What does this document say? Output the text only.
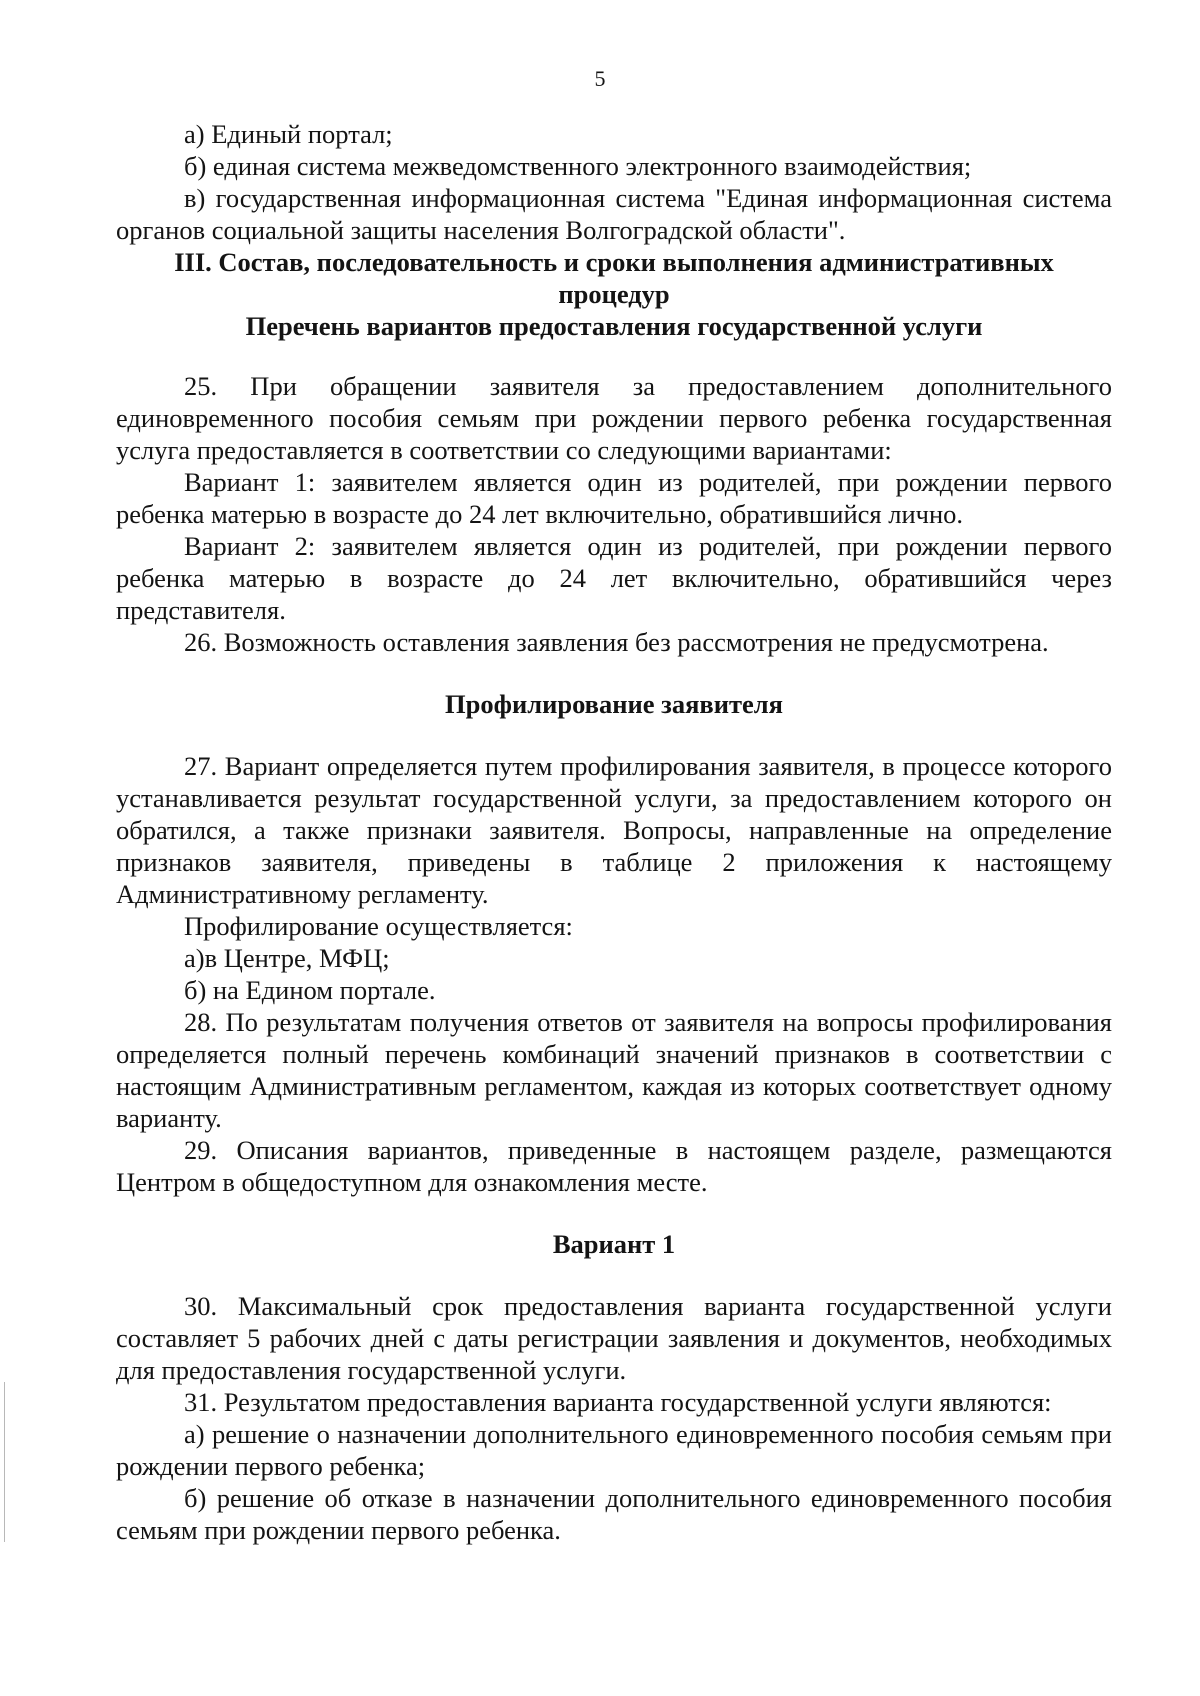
5

а) Единый портал;

б) единая система межведомственного электронного взаимодействия;

в) государственная информационная система "Единая информационная система органов социальной защиты населения Волгоградской области".

III. Состав, последовательность и сроки выполнения административных процедур
Перечень вариантов предоставления государственной услуги

25. При обращении заявителя за предоставлением дополнительного единовременного пособия семьям при рождении первого ребенка государственная услуга предоставляется в соответствии со следующими вариантами:

Вариант 1: заявителем является один из родителей, при рождении первого ребенка матерью в возрасте до 24 лет включительно, обратившийся лично.

Вариант 2: заявителем является один из родителей, при рождении первого ребенка матерью в возрасте до 24 лет включительно, обратившийся через представителя.

26. Возможность оставления заявления без рассмотрения не предусмотрена.

Профилирование заявителя

27. Вариант определяется путем профилирования заявителя, в процессе которого устанавливается результат государственной услуги, за предоставлением которого он обратился, а также признаки заявителя. Вопросы, направленные на определение признаков заявителя, приведены в таблице 2 приложения к настоящему Административному регламенту.

Профилирование осуществляется:

а)в Центре, МФЦ;

б) на Едином портале.

28. По результатам получения ответов от заявителя на вопросы профилирования определяется полный перечень комбинаций значений признаков в соответствии с настоящим Административным регламентом, каждая из которых соответствует одному варианту.

29. Описания вариантов, приведенные в настоящем разделе, размещаются Центром в общедоступном для ознакомления месте.

Вариант 1

30. Максимальный срок предоставления варианта государственной услуги составляет 5 рабочих дней с даты регистрации заявления и документов, необходимых для предоставления государственной услуги.

31. Результатом предоставления варианта государственной услуги являются:

а) решение о назначении дополнительного единовременного пособия семьям при рождении первого ребенка;

б) решение об отказе в назначении дополнительного единовременного пособия семьям при рождении первого ребенка.
